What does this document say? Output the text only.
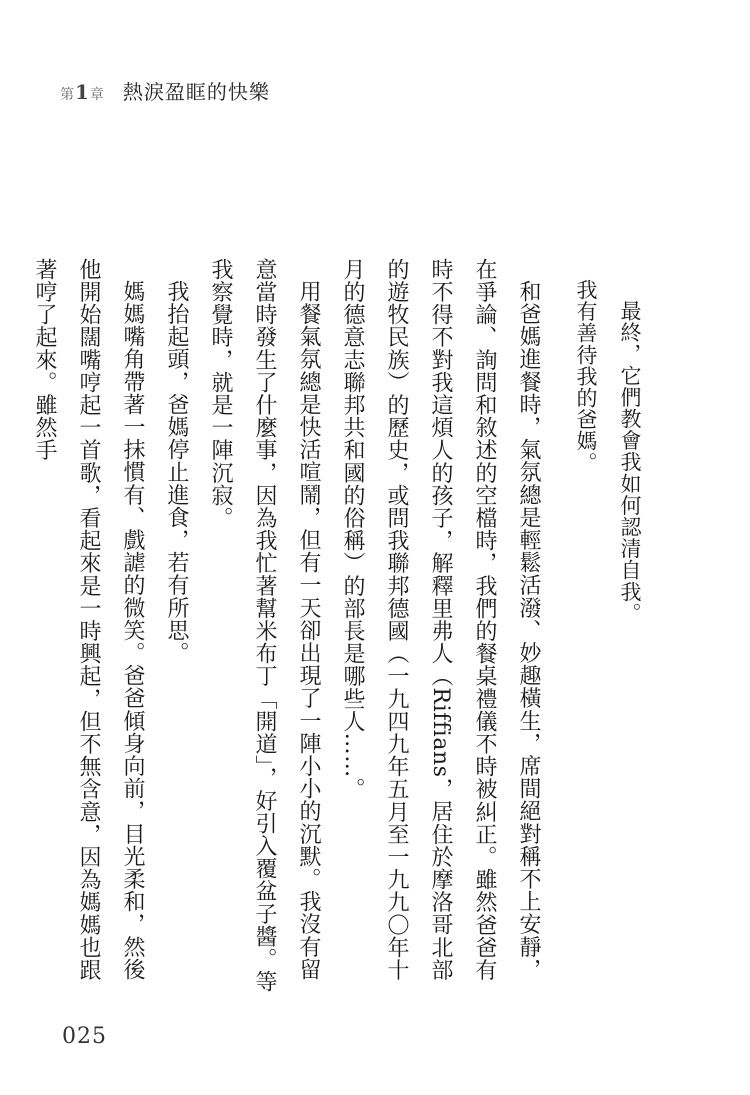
第1章 熱淚盈眶的快樂

最終，它們教會我如何認清自我。

我有善待我的爸媽。

和爸媽進餐時，氣氛總是輕鬆活潑、妙趣橫生，席間絕對稱不上安靜，在爭論、詢問和敘述的空檔時，我們的餐桌禮儀不時被糾正。雖然爸爸有時不得不對我這煩人的孩子，解釋里弗人（Riffians，居住於摩洛哥北部的遊牧民族）的歷史，或問我聯邦德國（一九四九年五月至一九九〇年十月的德意志聯邦共和國的俗稱）的部長是哪些人……。

用餐氣氛總是快活喧鬧，但有一天卻出現了一陣小小的沉默。我沒有留意當時發生了什麼事，因為我忙著幫米布丁「開道」，好引入覆盆子醬。等我察覺時，就是一陣沉寂。

我抬起頭，爸媽停止進食，若有所思。

媽媽嘴角帶著一抹慣有、戲謔的微笑。爸爸傾身向前，目光柔和，然後他開始闊嘴哼起一首歌，看起來是一時興起，但不無含意，因為媽媽也跟著哼了起來。雖然手

025
